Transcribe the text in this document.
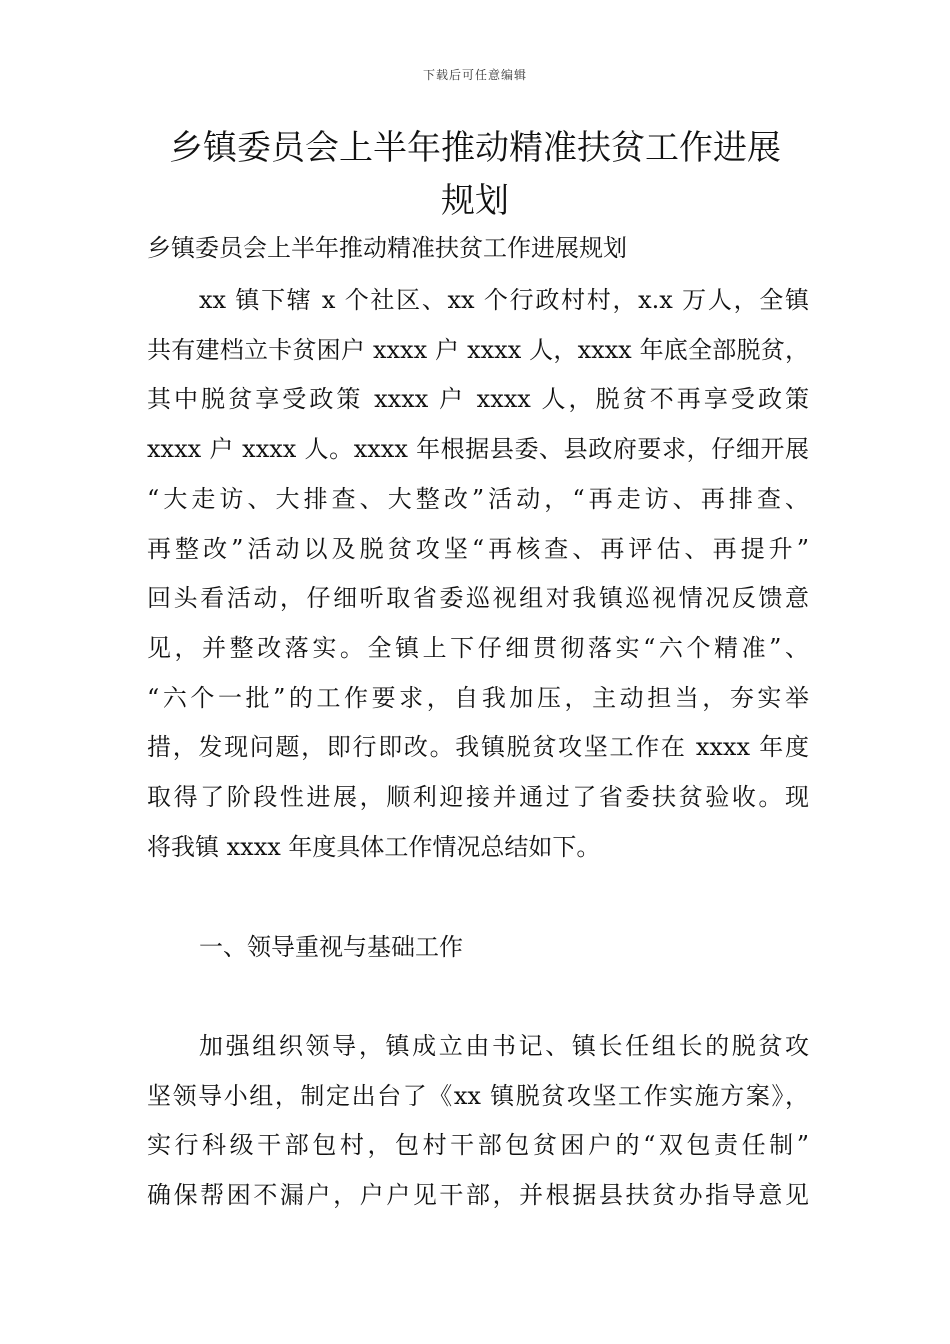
下载后可任意编辑
乡镇委员会上半年推动精准扶贫工作进展
规划
乡镇委员会上半年推动精准扶贫工作进展规划
xx 镇下辖 x 个社区、xx 个行政村村，x.x 万人，全镇
共有建档立卡贫困户 xxxx 户 xxxx 人，xxxx 年底全部脱贫，
其中脱贫享受政策 xxxx 户 xxxx 人，脱贫不再享受政策
xxxx 户 xxxx 人。xxxx 年根据县委、县政府要求，仔细开展
“大走访、大排查、大整改”活动，“再走访、再排查、
再整改”活动以及脱贫攻坚“再核查、再评估、再提升”
回头看活动，仔细听取省委巡视组对我镇巡视情况反馈意
见，并整改落实。全镇上下仔细贯彻落实“六个精准”、
“六个一批”的工作要求，自我加压，主动担当，夯实举
措，发现问题，即行即改。我镇脱贫攻坚工作在 xxxx 年度
取得了阶段性进展，顺利迎接并通过了省委扶贫验收。现
将我镇 xxxx 年度具体工作情况总结如下。
一、领导重视与基础工作
加强组织领导，镇成立由书记、镇长任组长的脱贫攻
坚领导小组，制定出台了《xx 镇脱贫攻坚工作实施方案》，
实行科级干部包村，包村干部包贫困户的“双包责任制”
确保帮困不漏户，户户见干部，并根据县扶贫办指导意见
